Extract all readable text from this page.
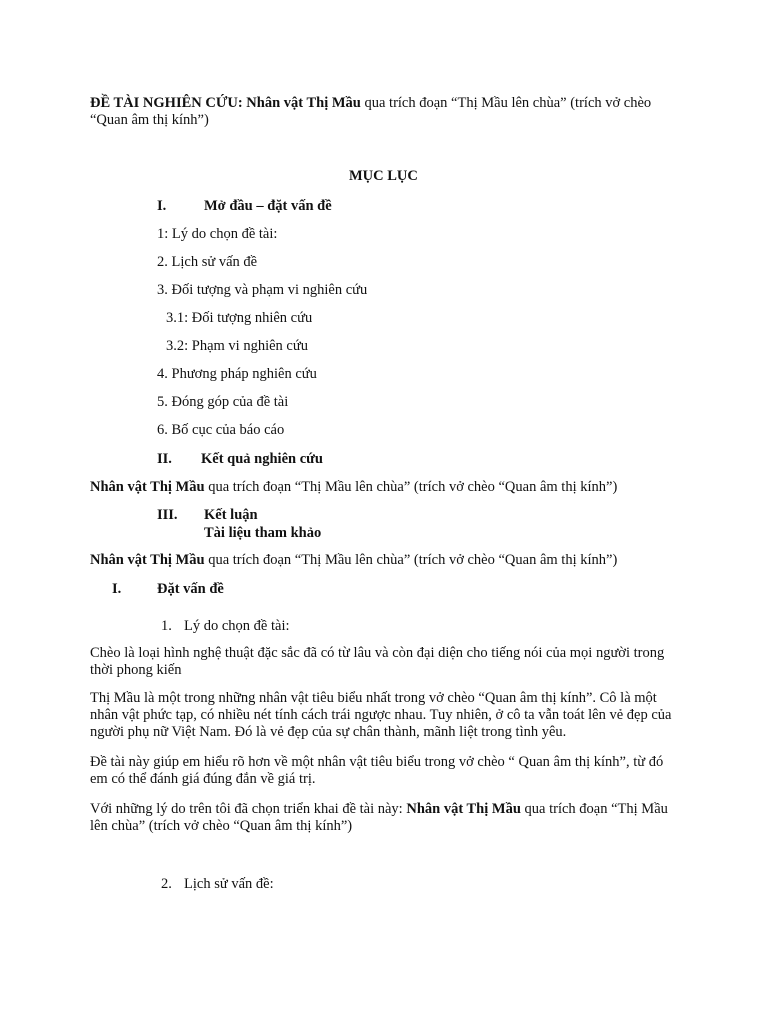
ĐỀ TÀI NGHIÊN CỨU: Nhân vật Thị Mầu qua trích đoạn “Thị Mầu lên chùa” (trích vở chèo
“Quan âm thị kính”)
MỤC LỤC
I.	Mở đầu – đặt vấn đề
1: Lý do chọn đề tài:
2. Lịch sử vấn đề
3. Đối tượng và phạm vi nghiên cứu
3.1: Đối tượng nhiên cứu
3.2: Phạm vi nghiên cứu
4. Phương pháp nghiên cứu
5. Đóng góp của đề tài
6. Bố cục của báo cáo
II. Kết quả nghiên cứu
Nhân vật Thị Mầu qua trích đoạn “Thị Mầu lên chùa” (trích vở chèo “Quan âm thị kính”)
III. Kết luận
Tài liệu tham khảo
Nhân vật Thị Mầu qua trích đoạn “Thị Mầu lên chùa” (trích vở chèo “Quan âm thị kính”)
I. Đặt vấn đề
1. Lý do chọn đề tài:
Chèo là loại hình nghệ thuật đặc sắc đã có từ lâu và còn đại diện cho tiếng nói của mọi người trong thời phong kiến
Thị Mầu là một trong những nhân vật tiêu biểu nhất trong vở chèo “Quan âm thị kính”. Cô là một nhân vật phức tạp, có nhiều nét tính cách trái ngược nhau. Tuy nhiên, ở cô ta vẫn toát lên vẻ đẹp của người phụ nữ Việt Nam. Đó là vẻ đẹp của sự chân thành, mãnh liệt trong tình yêu.
Đề tài này giúp em hiểu rõ hơn về một nhân vật tiêu biểu trong vở chèo “ Quan âm thị kính”, từ đó em có thể đánh giá đúng đắn về giá trị.
Với những lý do trên tôi đã chọn triển khai đề tài này: Nhân vật Thị Mầu qua trích đoạn “Thị Mầu lên chùa” (trích vở chèo “Quan âm thị kính”)
2. Lịch sử vấn đề:
